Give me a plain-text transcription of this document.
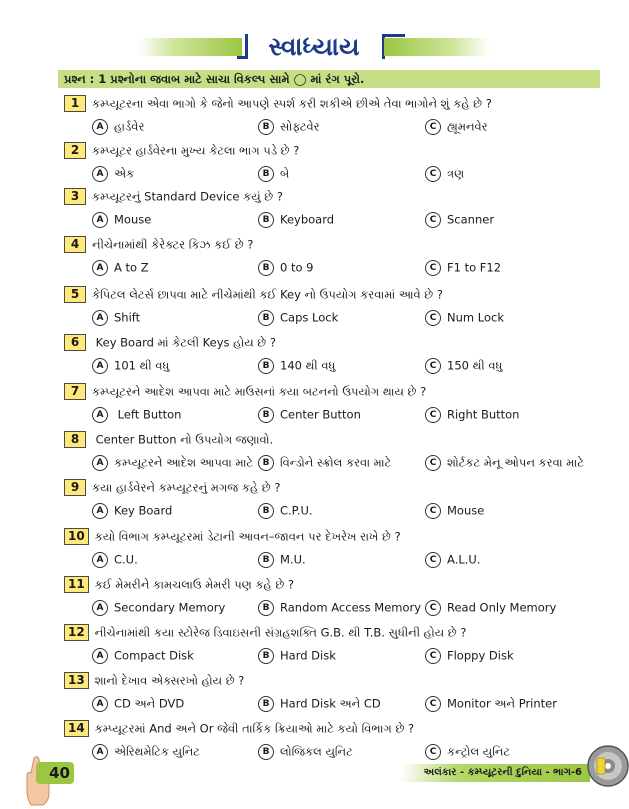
સ્વાધ્યાય
પ્રશ્ન : 1 પ્રશ્નોના જવાબ માટે સાચા વિકલ્પ સામે ◯ માં રંગ પૂરો.
1 કમ્પ્યૂટરના એવા ભાગો કે જેનો આપણે સ્પર્શ કરી શકીએ છીએ તેવા ભાગોને શું કહે છે ?
A હાર્ડવેર	B સોફ્ટવેર	C હ્યૂમનવેર
2 કમ્પ્યૂટર હાર્ડવેરના મુખ્ય કેટલા ભાગ પડે છે ?
A એક	B બે	C ત્રણ
3 કમ્પ્યૂટરનું Standard Device કયું છે ?
A Mouse	B Keyboard	C Scanner
4 નીચેનામાંથી કેરેક્ટર કિઝ કઈ છે ?
A A to Z	B 0 to 9	C F1 to F12
5 કેપિટલ લેટર્સ છાપવા માટે નીચેમાંથી કઈ Key નો ઉપયોગ કરવામાં આવે છે ?
A Shift	B Caps Lock	C Num Lock
6 Key Board માં કેટલી Keys હોય છે ?
A 101 થી વધુ	B 140 થી વધુ	C 150 થી વધુ
7 કમ્પ્યૂટરને આદેશ આપવા માટે માઉસનાં કયા બટનનો ઉપયોગ થાય છે ?
A Left Button	B Center Button	C Right Button
8 Center Button નો ઉપયોગ જણાવો.
A કમ્પ્યૂટરને આદેશ આપવા માટે	B વિન્ડોને સ્ક્રોલ કરવા માટે	C શોર્ટકટ મેનૂ ઓપન કરવા માટે
9 કયા હાર્ડવેરને કમ્પ્યૂટરનું મગજ કહે છે ?
A Key Board	B C.P.U.	C Mouse
10 કયો વિભાગ કમ્પ્યૂટરમાં ડેટાની આવન–જાવન પર દેખરેખ રાખે છે ?
A C.U.	B M.U.	C A.L.U.
11 કઈ મેમરીને કામચલાઉ મેમરી પણ કહે છે ?
A Secondary Memory	B Random Access Memory C Read Only Memory
12 નીચેનામાંથી કયા સ્ટોરેજ ડિવાઇસની સંગ્રહશક્તિ G.B. થી T.B. સુધીની હોય છે ?
A Compact Disk	B Hard Disk	C Floppy Disk
13 શાનો દેખાવ એક્સરખો હોય છે ?
A CD અને DVD	B Hard Disk અને CD	C Monitor અને Printer
14 કમ્પ્યૂટરમાં And અને Or જેવી તાર્કિક ક્રિયાઓ માટે કયો વિભાગ છે ?
A એરિથમેટિક યુનિટ	B લોજિકલ યુનિટ	C કન્ટ્રોલ યુનિટ
40	અલંકાર - કમ્પ્યૂટરની દુનિયા - ભાગ-6
